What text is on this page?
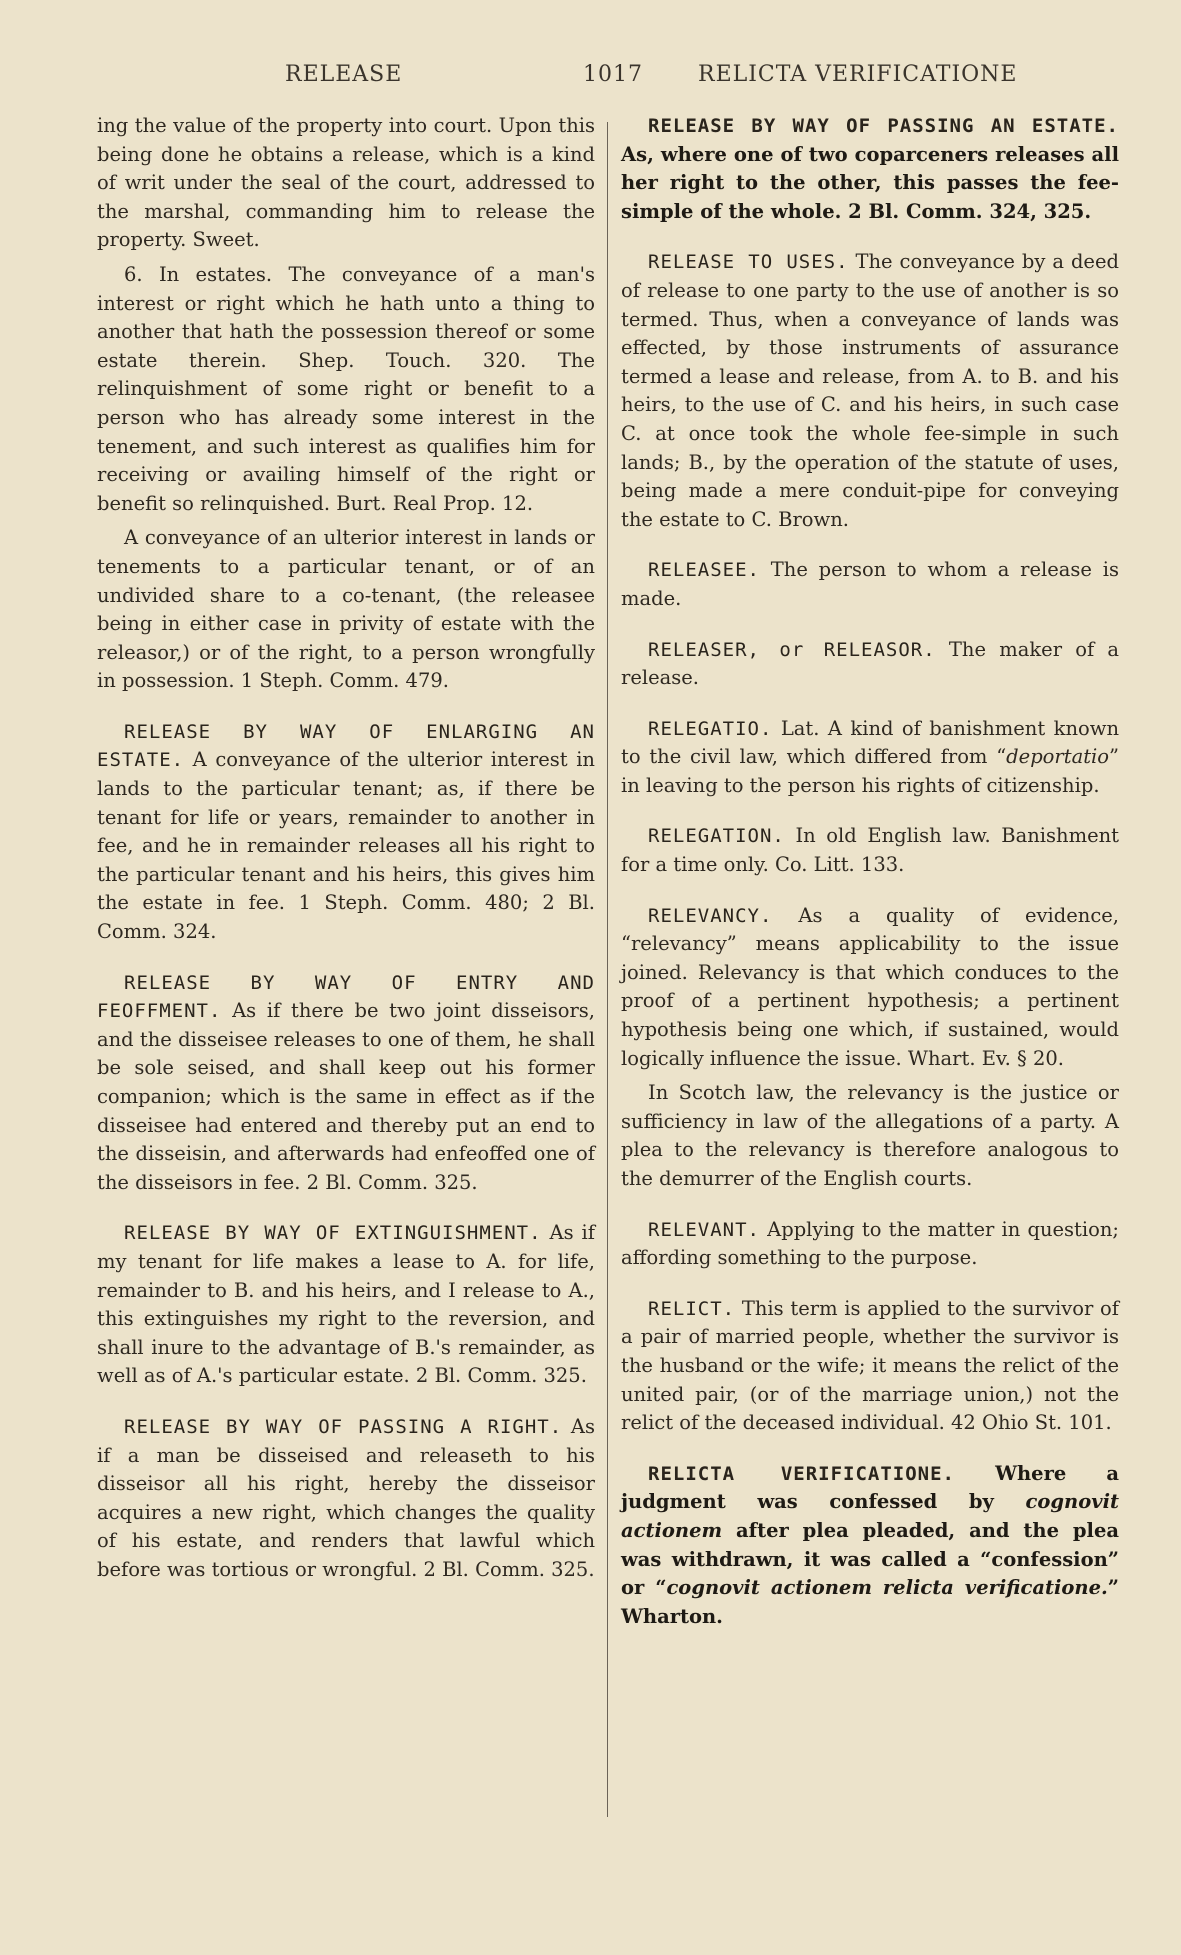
RELEASE	1017	RELICTA VERIFICATIONE

ing the value of the property into court. Upon this being done he obtains a release, which is a kind of writ under the seal of the court, addressed to the marshal, commanding him to release the property. Sweet.

6. In estates. The conveyance of a man's interest or right which he hath unto a thing to another that hath the possession thereof or some estate therein. Shep. Touch. 320. The relinquishment of some right or benefit to a person who has already some interest in the tenement, and such interest as qualifies him for receiving or availing himself of the right or benefit so relinquished. Burt. Real Prop. 12.

A conveyance of an ulterior interest in lands or tenements to a particular tenant, or of an undivided share to a co-tenant, (the releasee being in either case in privity of estate with the releasor,) or of the right, to a person wrongfully in possession. 1 Steph. Comm. 479.

RELEASE BY WAY OF ENLARGING AN ESTATE. A conveyance of the ulterior interest in lands to the particular tenant; as, if there be tenant for life or years, remainder to another in fee, and he in remainder releases all his right to the particular tenant and his heirs, this gives him the estate in fee. 1 Steph. Comm. 480; 2 Bl. Comm. 324.

RELEASE BY WAY OF ENTRY AND FEOFFMENT. As if there be two joint disseisors, and the disseisee releases to one of them, he shall be sole seised, and shall keep out his former companion; which is the same in effect as if the disseisee had entered and thereby put an end to the disseisin, and afterwards had enfeoffed one of the disseisors in fee. 2 Bl. Comm. 325.

RELEASE BY WAY OF EXTINGUISHMENT. As if my tenant for life makes a lease to A. for life, remainder to B. and his heirs, and I release to A., this extinguishes my right to the reversion, and shall inure to the advantage of B.'s remainder, as well as of A.'s particular estate. 2 Bl. Comm. 325.

RELEASE BY WAY OF PASSING A RIGHT. As if a man be disseised and releaseth to his disseisor all his right, hereby the disseisor acquires a new right, which changes the quality of his estate, and renders that lawful which before was tortious or wrongful. 2 Bl. Comm. 325.

RELEASE BY WAY OF PASSING AN ESTATE. As, where one of two coparceners releases all her right to the other, this passes the fee-simple of the whole. 2 Bl. Comm. 324, 325.

RELEASE TO USES. The conveyance by a deed of release to one party to the use of another is so termed. Thus, when a conveyance of lands was effected, by those instruments of assurance termed a lease and release, from A. to B. and his heirs, to the use of C. and his heirs, in such case C. at once took the whole fee-simple in such lands; B., by the operation of the statute of uses, being made a mere conduit-pipe for conveying the estate to C. Brown.

RELEASEE. The person to whom a release is made.

RELEASER, or RELEASOR. The maker of a release.

RELEGATIO. Lat. A kind of banishment known to the civil law, which differed from “deportatio” in leaving to the person his rights of citizenship.

RELEGATION. In old English law. Banishment for a time only. Co. Litt. 133.

RELEVANCY. As a quality of evidence, “relevancy” means applicability to the issue joined. Relevancy is that which conduces to the proof of a pertinent hypothesis; a pertinent hypothesis being one which, if sustained, would logically influence the issue. Whart. Ev. § 20.

In Scotch law, the relevancy is the justice or sufficiency in law of the allegations of a party. A plea to the relevancy is therefore analogous to the demurrer of the English courts.

RELEVANT. Applying to the matter in question; affording something to the purpose.

RELICT. This term is applied to the survivor of a pair of married people, whether the survivor is the husband or the wife; it means the relict of the united pair, (or of the marriage union,) not the relict of the deceased individual. 42 Ohio St. 101.

RELICTA VERIFICATIONE. Where a judgment was confessed by cognovit actionem after plea pleaded, and the plea was withdrawn, it was called a “confession” or “cognovit actionem relicta verificatione.” Wharton.
